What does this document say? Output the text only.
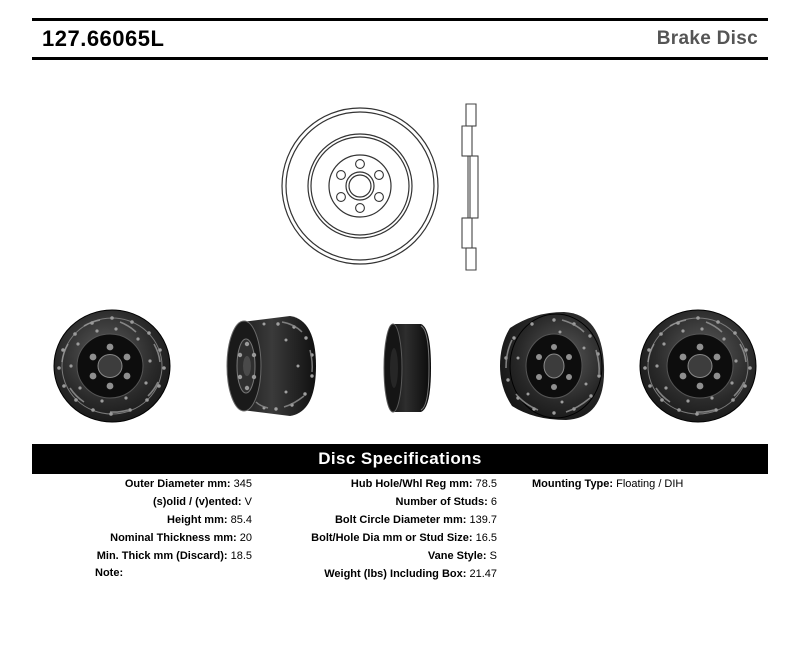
127.66065L	Brake Disc
Disc Specifications
Outer Diameter mm: 345
(s)olid / (v)ented: V
Height mm: 85.4
Nominal Thickness mm: 20
Min. Thick mm (Discard): 18.5
Hub Hole/Whl Reg mm: 78.5
Number of Studs: 6
Bolt Circle Diameter mm: 139.7
Bolt/Hole Dia mm or Stud Size: 16.5
Vane Style: S
Weight (lbs) Including Box: 21.47
Mounting Type: Floating / DIH
Note:
